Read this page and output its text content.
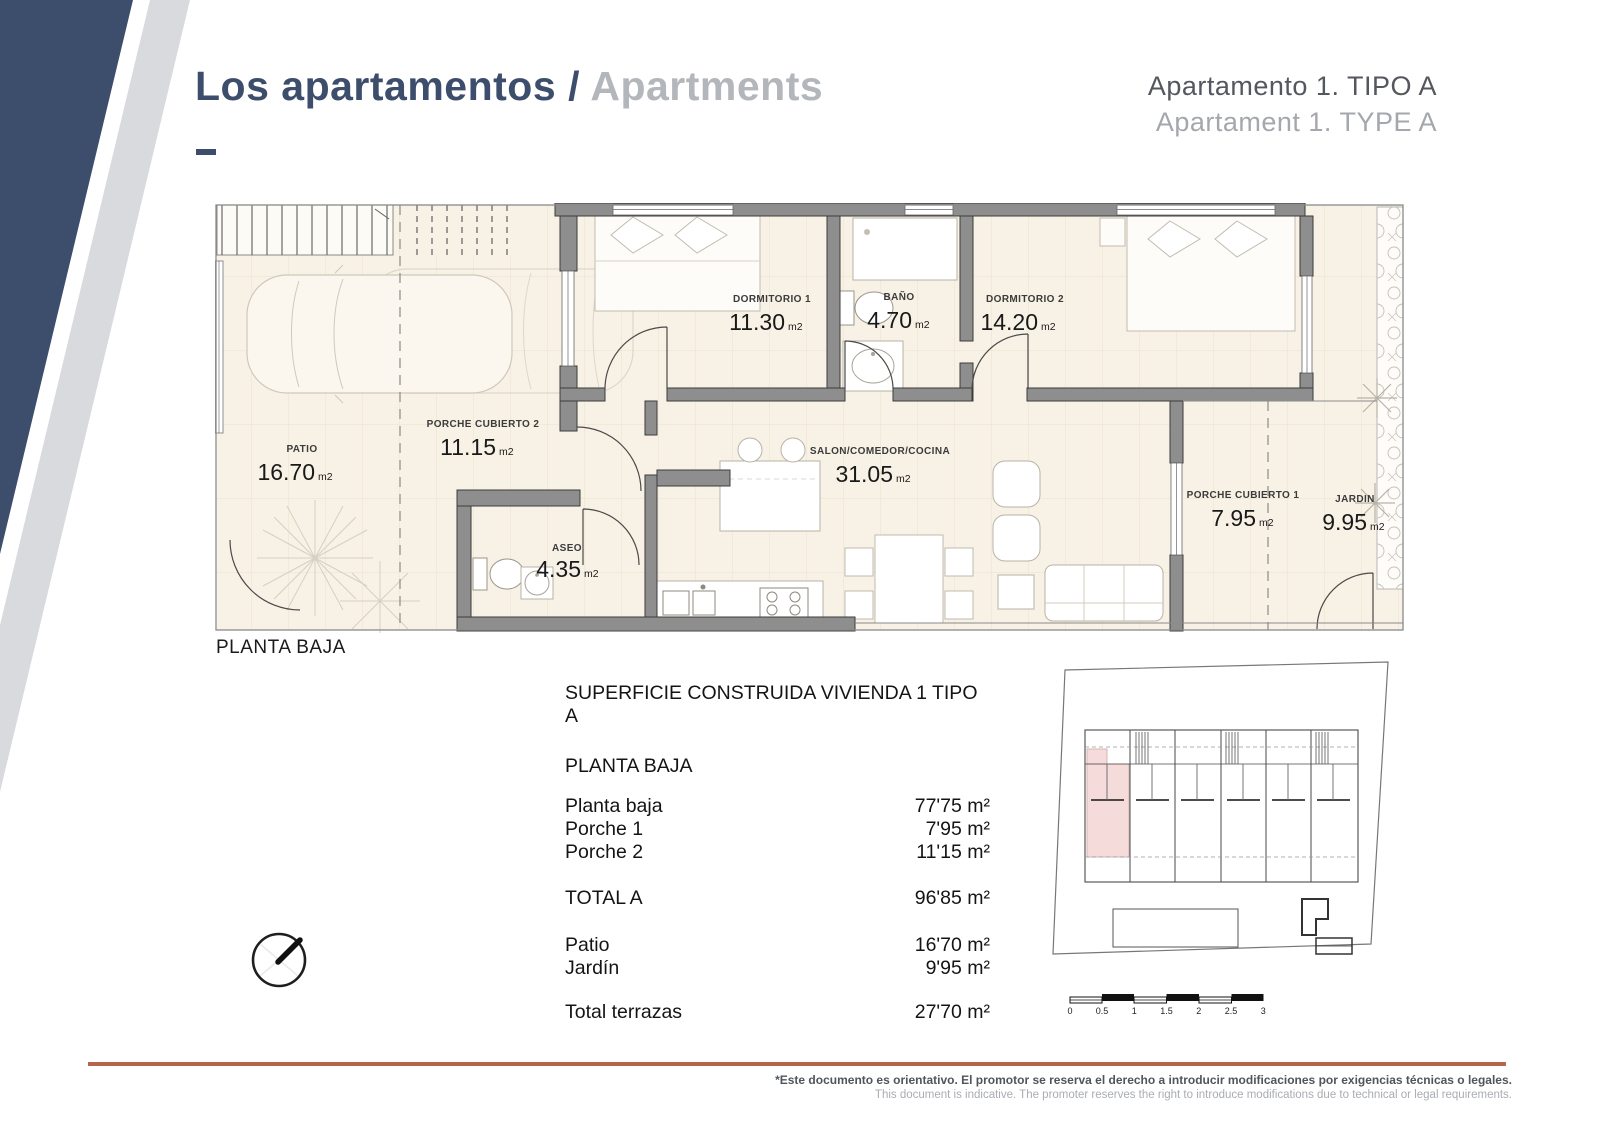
Los apartamentos / Apartments	Apartamento 1. TIPO A
Apartament 1. TYPE A
PATIO
16.70 m2
PORCHE CUBIERTO 2
11.15 m2
DORMITORIO 1
11.30 m2
BAÑO
4.70 m2
DORMITORIO 2
14.20 m2
SALON/COMEDOR/COCINA
31.05 m2
ASEO
4.35 m2
PORCHE CUBIERTO 1
7.95 m2
JARDIN
9.95 m2
PLANTA BAJA
SUPERFICIE CONSTRUIDA VIVIENDA 1 TIPO A
PLANTA BAJA
Planta baja	77'75 m²
Porche 1	7'95 m²
Porche 2	11'15 m²
TOTAL A	96'85 m²
Patio	16'70 m²
Jardín	9'95 m²
Total terrazas	27'70 m²	0	0.5	1	1.5	2	2.5	3
*Este documento es orientativo. El promotor se reserva el derecho a introducir modificaciones por exigencias técnicas o legales.
This document is indicative. The promoter reserves the right to introduce modifications due to technical or legal requirements.
